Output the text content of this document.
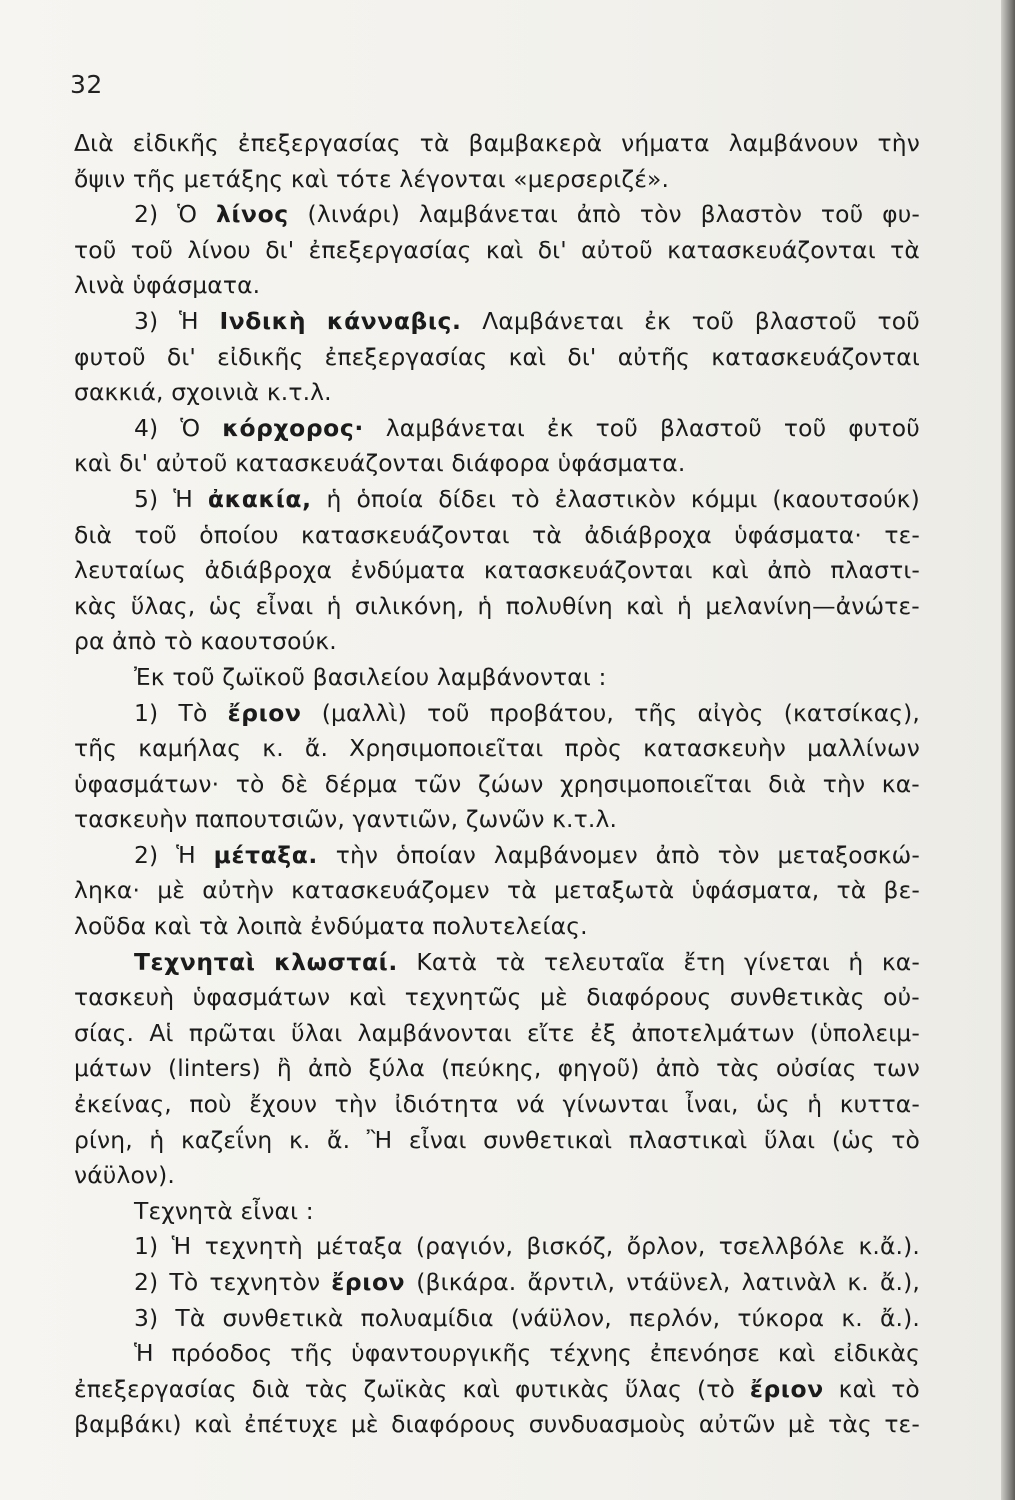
32
Διὰ εἰδικῆς ἐπεξεργασίας τὰ βαμβακερὰ νήματα λαμβάνουν τὴν
ὄψιν τῆς μετάξης καὶ τότε λέγονται «μερσεριζέ».
2) Ὁ λίνος (λινάρι) λαμβάνεται ἀπὸ τὸν βλαστὸν τοῦ φυ-
τοῦ τοῦ λίνου δι' ἐπεξεργασίας καὶ δι' αὐτοῦ κατασκευάζονται τὰ
λινὰ ὑφάσματα.
3) Ἡ Ινδικὴ κάνναβις. Λαμβάνεται ἐκ τοῦ βλαστοῦ τοῦ
φυτοῦ δι' εἰδικῆς ἐπεξεργασίας καὶ δι' αὐτῆς κατασκευάζονται
σακκιά, σχοινιὰ κ.τ.λ.
4) Ὁ κόρχορος· λαμβάνεται ἐκ τοῦ βλαστοῦ τοῦ φυτοῦ
καὶ δι' αὐτοῦ κατασκευάζονται διάφορα ὑφάσματα.
5) Ἡ ἀκακία, ἡ ὁποία δίδει τὸ ἐλαστικὸν κόμμι (καουτσούκ)
διὰ τοῦ ὁποίου κατασκευάζονται τὰ ἀδιάβροχα ὑφάσματα· τε-
λευταίως ἀδιάβροχα ἐνδύματα κατασκευάζονται καὶ ἀπὸ πλαστι-
κὰς ὕλας, ὡς εἶναι ἡ σιλικόνη, ἡ πολυθίνη καὶ ἡ μελανίνη—ἀνώτε-
ρα ἀπὸ τὸ καουτσούκ.
Ἐκ τοῦ ζωϊκοῦ βασιλείου λαμβάνονται :
1) Τὸ ἔριον (μαλλὶ) τοῦ προβάτου, τῆς αἰγὸς (κατσίκας),
τῆς καμήλας κ. ἄ. Χρησιμοποιεῖται πρὸς κατασκευὴν μαλλίνων
ὑφασμάτων· τὸ δὲ δέρμα τῶν ζώων χρησιμοποιεῖται διὰ τὴν κα-
τασκευὴν παπουτσιῶν, γαντιῶν, ζωνῶν κ.τ.λ.
2) Ἡ μέταξα. τὴν ὁποίαν λαμβάνομεν ἀπὸ τὸν μεταξοσκώ-
ληκα· μὲ αὐτὴν κατασκευάζομεν τὰ μεταξωτὰ ὑφάσματα, τὰ βε-
λοῦδα καὶ τὰ λοιπὰ ἐνδύματα πολυτελείας.
Τεχνηταὶ κλωσταί. Κατὰ τὰ τελευταῖα ἔτη γίνεται ἡ κα-
τασκευὴ ὑφασμάτων καὶ τεχνητῶς μὲ διαφόρους συνθετικὰς οὐ-
σίας. Αἱ πρῶται ὕλαι λαμβάνονται εἴτε ἐξ ἀποτελμάτων (ὑπολειμ-
μάτων (linters) ἢ ἀπὸ ξύλα (πεύκης, φηγοῦ) ἀπὸ τὰς οὐσίας των
ἐκείνας, ποὺ ἔχουν τὴν ἰδιότητα νά γίνωνται ἶναι, ὡς ἡ κυττα-
ρίνη, ἡ καζεΐνη κ. ἄ. Ἢ εἶναι συνθετικαὶ πλαστικαὶ ὕλαι (ὡς τὸ
νάϋλον).
Τεχνητὰ εἶναι :
1) Ἡ τεχνητὴ μέταξα (ραγιόν, βισκόζ, ὄρλον, τσελλβόλε κ.ἄ.).
2) Τὸ τεχνητὸν ἔριον (βικάρα. ἄρντιλ, ντάϋνελ, λατινὰλ κ. ἄ.),
3) Τὰ συνθετικὰ πολυαμίδια (νάϋλον, περλόν, τύκορα κ. ἄ.).
Ἡ πρόοδος τῆς ὑφαντουργικῆς τέχνης ἐπενόησε καὶ εἰδικὰς
ἐπεξεργασίας διὰ τὰς ζωϊκὰς καὶ φυτικὰς ὕλας (τὸ ἔριον καὶ τὸ
βαμβάκι) καὶ ἐπέτυχε μὲ διαφόρους συνδυασμοὺς αὐτῶν μὲ τὰς τε-
